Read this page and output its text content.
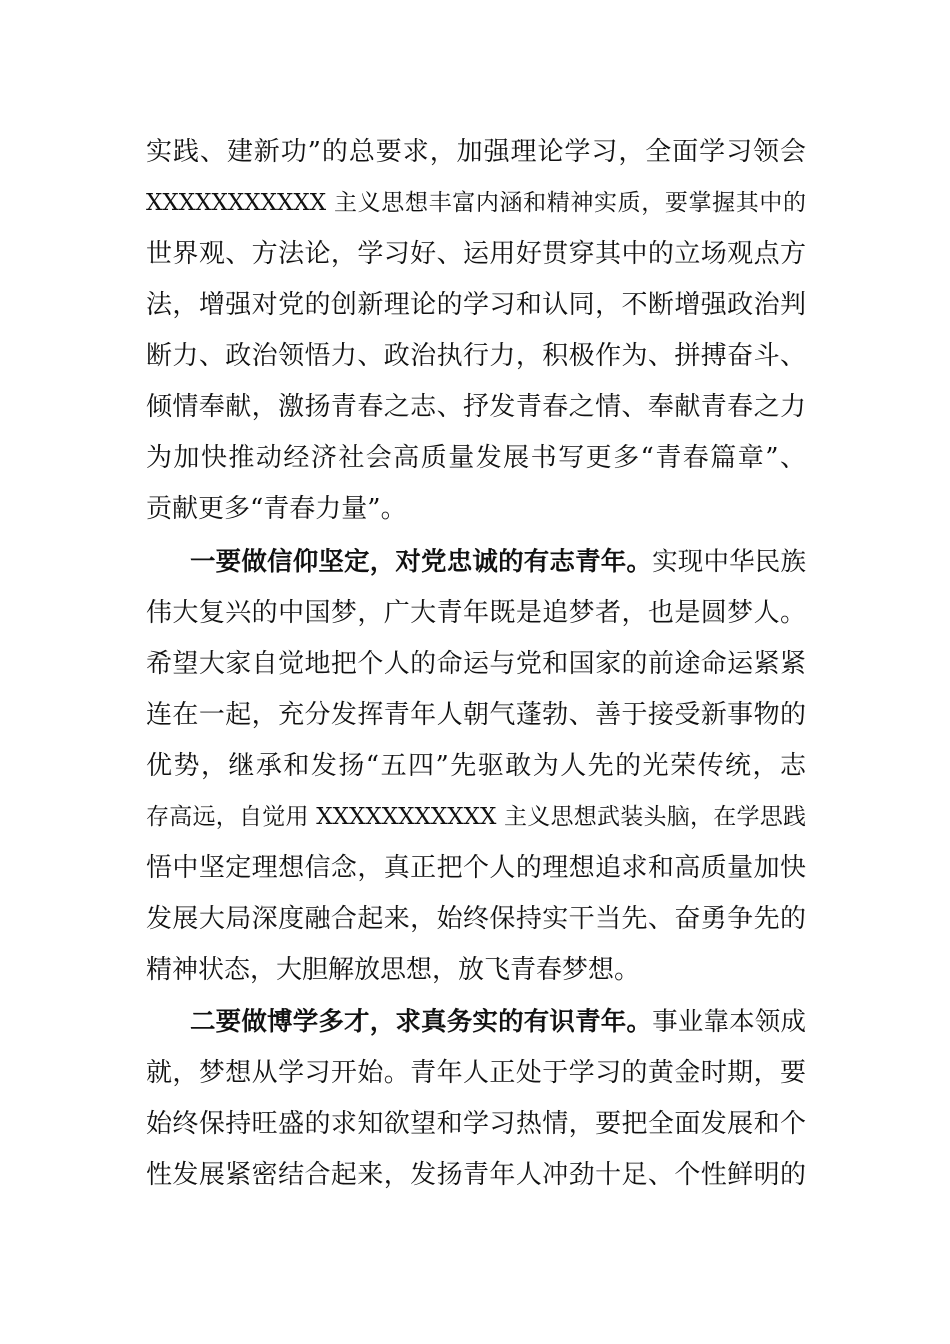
实践、建新功”的总要求，加强理论学习，全面学习领会
XXXXXXXXXXX 主义思想丰富内涵和精神实质，要掌握其中的
世界观、方法论，学习好、运用好贯穿其中的立场观点方
法，增强对党的创新理论的学习和认同，不断增强政治判
断力、政治领悟力、政治执行力，积极作为、拼搏奋斗、
倾情奉献，激扬青春之志、抒发青春之情、奉献青春之力
为加快推动经济社会高质量发展书写更多“青春篇章”、
贡献更多“青春力量”。
一要做信仰坚定，对党忠诚的有志青年。实现中华民族
伟大复兴的中国梦，广大青年既是追梦者，也是圆梦人。
希望大家自觉地把个人的命运与党和国家的前途命运紧紧
连在一起，充分发挥青年人朝气蓬勃、善于接受新事物的
优势，继承和发扬“五四”先驱敢为人先的光荣传统，志
存高远，自觉用 XXXXXXXXXXX 主义思想武装头脑，在学思践
悟中坚定理想信念，真正把个人的理想追求和高质量加快
发展大局深度融合起来，始终保持实干当先、奋勇争先的
精神状态，大胆解放思想，放飞青春梦想。
二要做博学多才，求真务实的有识青年。事业靠本领成
就，梦想从学习开始。青年人正处于学习的黄金时期，要
始终保持旺盛的求知欲望和学习热情，要把全面发展和个
性发展紧密结合起来，发扬青年人冲劲十足、个性鲜明的
